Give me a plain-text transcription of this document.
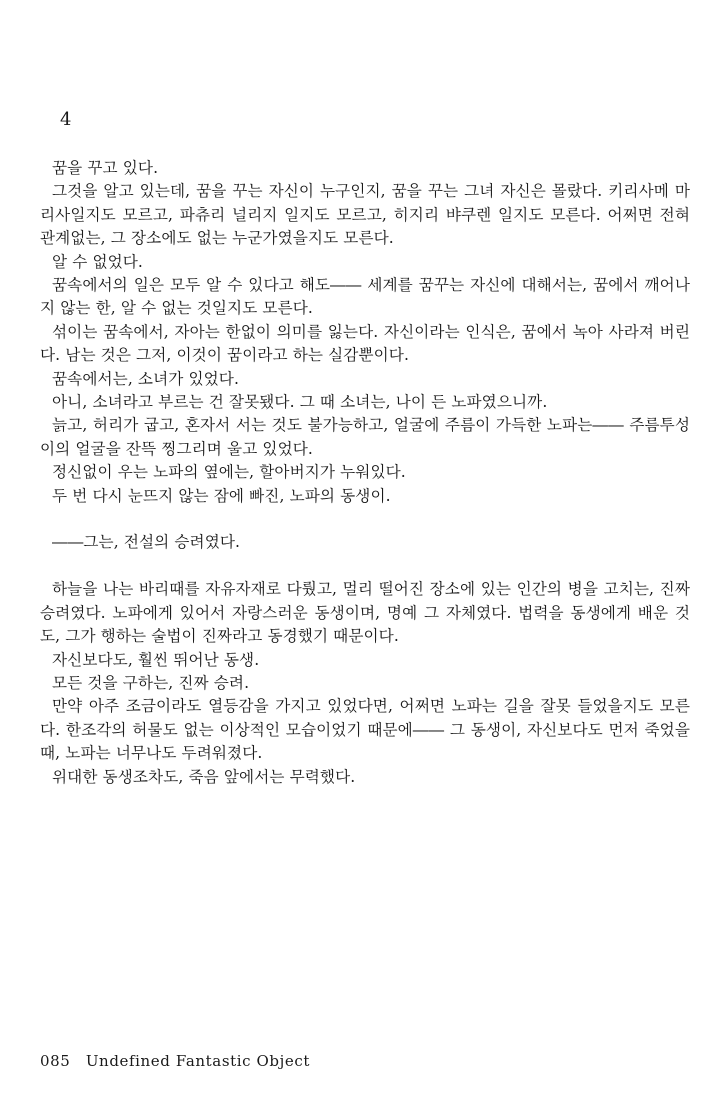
4

꿈을 꾸고 있다.

그것을 알고 있는데, 꿈을 꾸는 자신이 누구인지, 꿈을 꾸는 그녀 자신은 몰랐다. 키리사메 마리사일지도 모르고, 파츄리 널리지 일지도 모르고, 히지리 뱌쿠렌 일지도 모른다. 어쩌면 전혀 관계없는, 그 장소에도 없는 누군가였을지도 모른다.

알 수 없었다.

꿈속에서의 일은 모두 알 수 있다고 해도―― 세계를 꿈꾸는 자신에 대해서는, 꿈에서 깨어나지 않는 한, 알 수 없는 것일지도 모른다.

섞이는 꿈속에서, 자아는 한없이 의미를 잃는다. 자신이라는 인식은, 꿈에서 녹아 사라져 버린다. 남는 것은 그저, 이것이 꿈이라고 하는 실감뿐이다.

꿈속에서는, 소녀가 있었다.

아니, 소녀라고 부르는 건 잘못됐다. 그 때 소녀는, 나이 든 노파였으니까.

늙고, 허리가 굽고, 혼자서 서는 것도 불가능하고, 얼굴에 주름이 가득한 노파는―― 주름투성이의 얼굴을 잔뜩 찡그리며 울고 있었다.

정신없이 우는 노파의 옆에는, 할아버지가 누워있다.

두 번 다시 눈뜨지 않는 잠에 빠진, 노파의 동생이.

――그는, 전설의 승려였다.

하늘을 나는 바리때를 자유자재로 다뤘고, 멀리 떨어진 장소에 있는 인간의 병을 고치는, 진짜 승려였다. 노파에게 있어서 자랑스러운 동생이며, 명예 그 자체였다. 법력을 동생에게 배운 것도, 그가 행하는 술법이 진짜라고 동경했기 때문이다.

자신보다도, 훨씬 뛰어난 동생.

모든 것을 구하는, 진짜 승려.

만약 아주 조금이라도 열등감을 가지고 있었다면, 어쩌면 노파는 길을 잘못 들었을지도 모른다. 한조각의 허물도 없는 이상적인 모습이었기 때문에―― 그 동생이, 자신보다도 먼저 죽었을 때, 노파는 너무나도 두려워졌다.

위대한 동생조차도, 죽음 앞에서는 무력했다.

085 Undefined Fantastic Object
